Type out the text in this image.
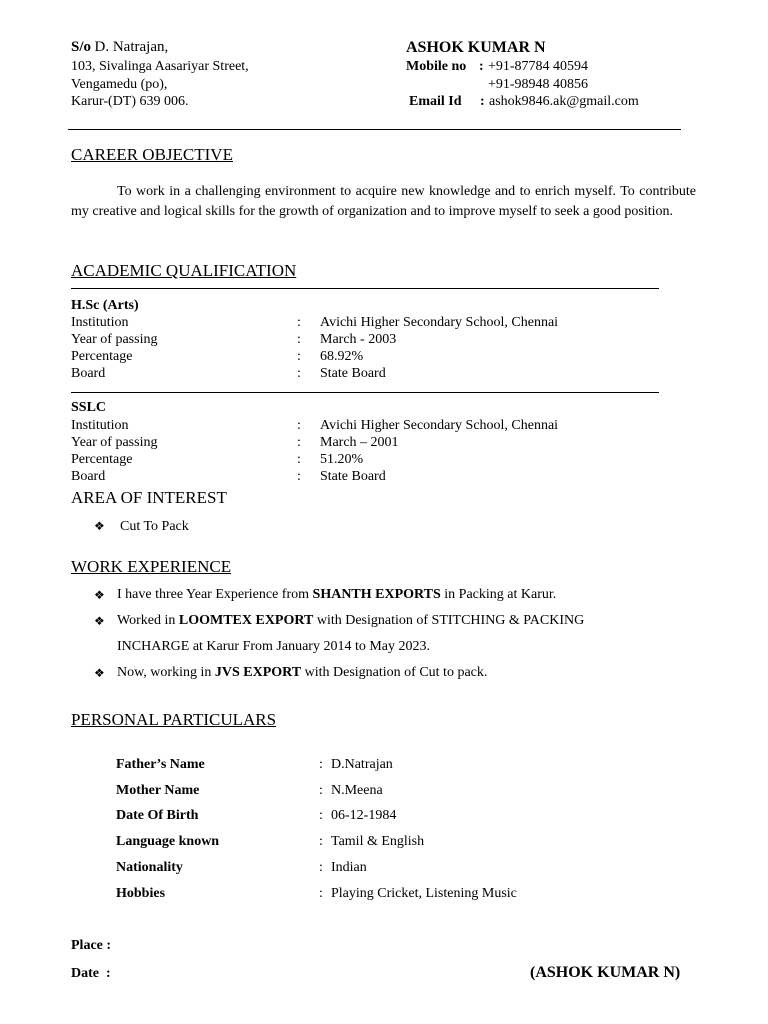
S/o D. Natrajan,
103, Sivalinga Aasariyar Street,
Vengamedu (po),
Karur-(DT) 639 006.
ASHOK KUMAR N
Mobile no : +91-87784 40594
+91-98948 40856
Email Id : ashok9846.ak@gmail.com
CAREER OBJECTIVE
To work in a challenging environment to acquire new knowledge and to enrich myself. To contribute my creative and logical skills for the growth of organization and to improve myself to seek a good position.
ACADEMIC QUALIFICATION
H.Sc (Arts)
Institution	: Avichi Higher Secondary School, Chennai
Year of passing	: March - 2003
Percentage	: 68.92%
Board	: State Board
SSLC
Institution	: Avichi Higher Secondary School, Chennai
Year of passing	: March – 2001
Percentage	: 51.20%
Board	: State Board
AREA OF INTEREST
❖ Cut To Pack
WORK EXPERIENCE
❖ I have three Year Experience from SHANTH EXPORTS in Packing at Karur.
❖ Worked in LOOMTEX EXPORT with Designation of STITCHING & PACKING
INCHARGE at Karur From January 2014 to May 2023.
❖ Now, working in JVS EXPORT with Designation of Cut to pack.
PERSONAL PARTICULARS
Father’s Name	: D.Natrajan
Mother Name	: N.Meena
Date Of Birth	: 06-12-1984
Language known	: Tamil & English
Nationality	: Indian
Hobbies	: Playing Cricket, Listening Music
Place :
Date  :	(ASHOK KUMAR N)
